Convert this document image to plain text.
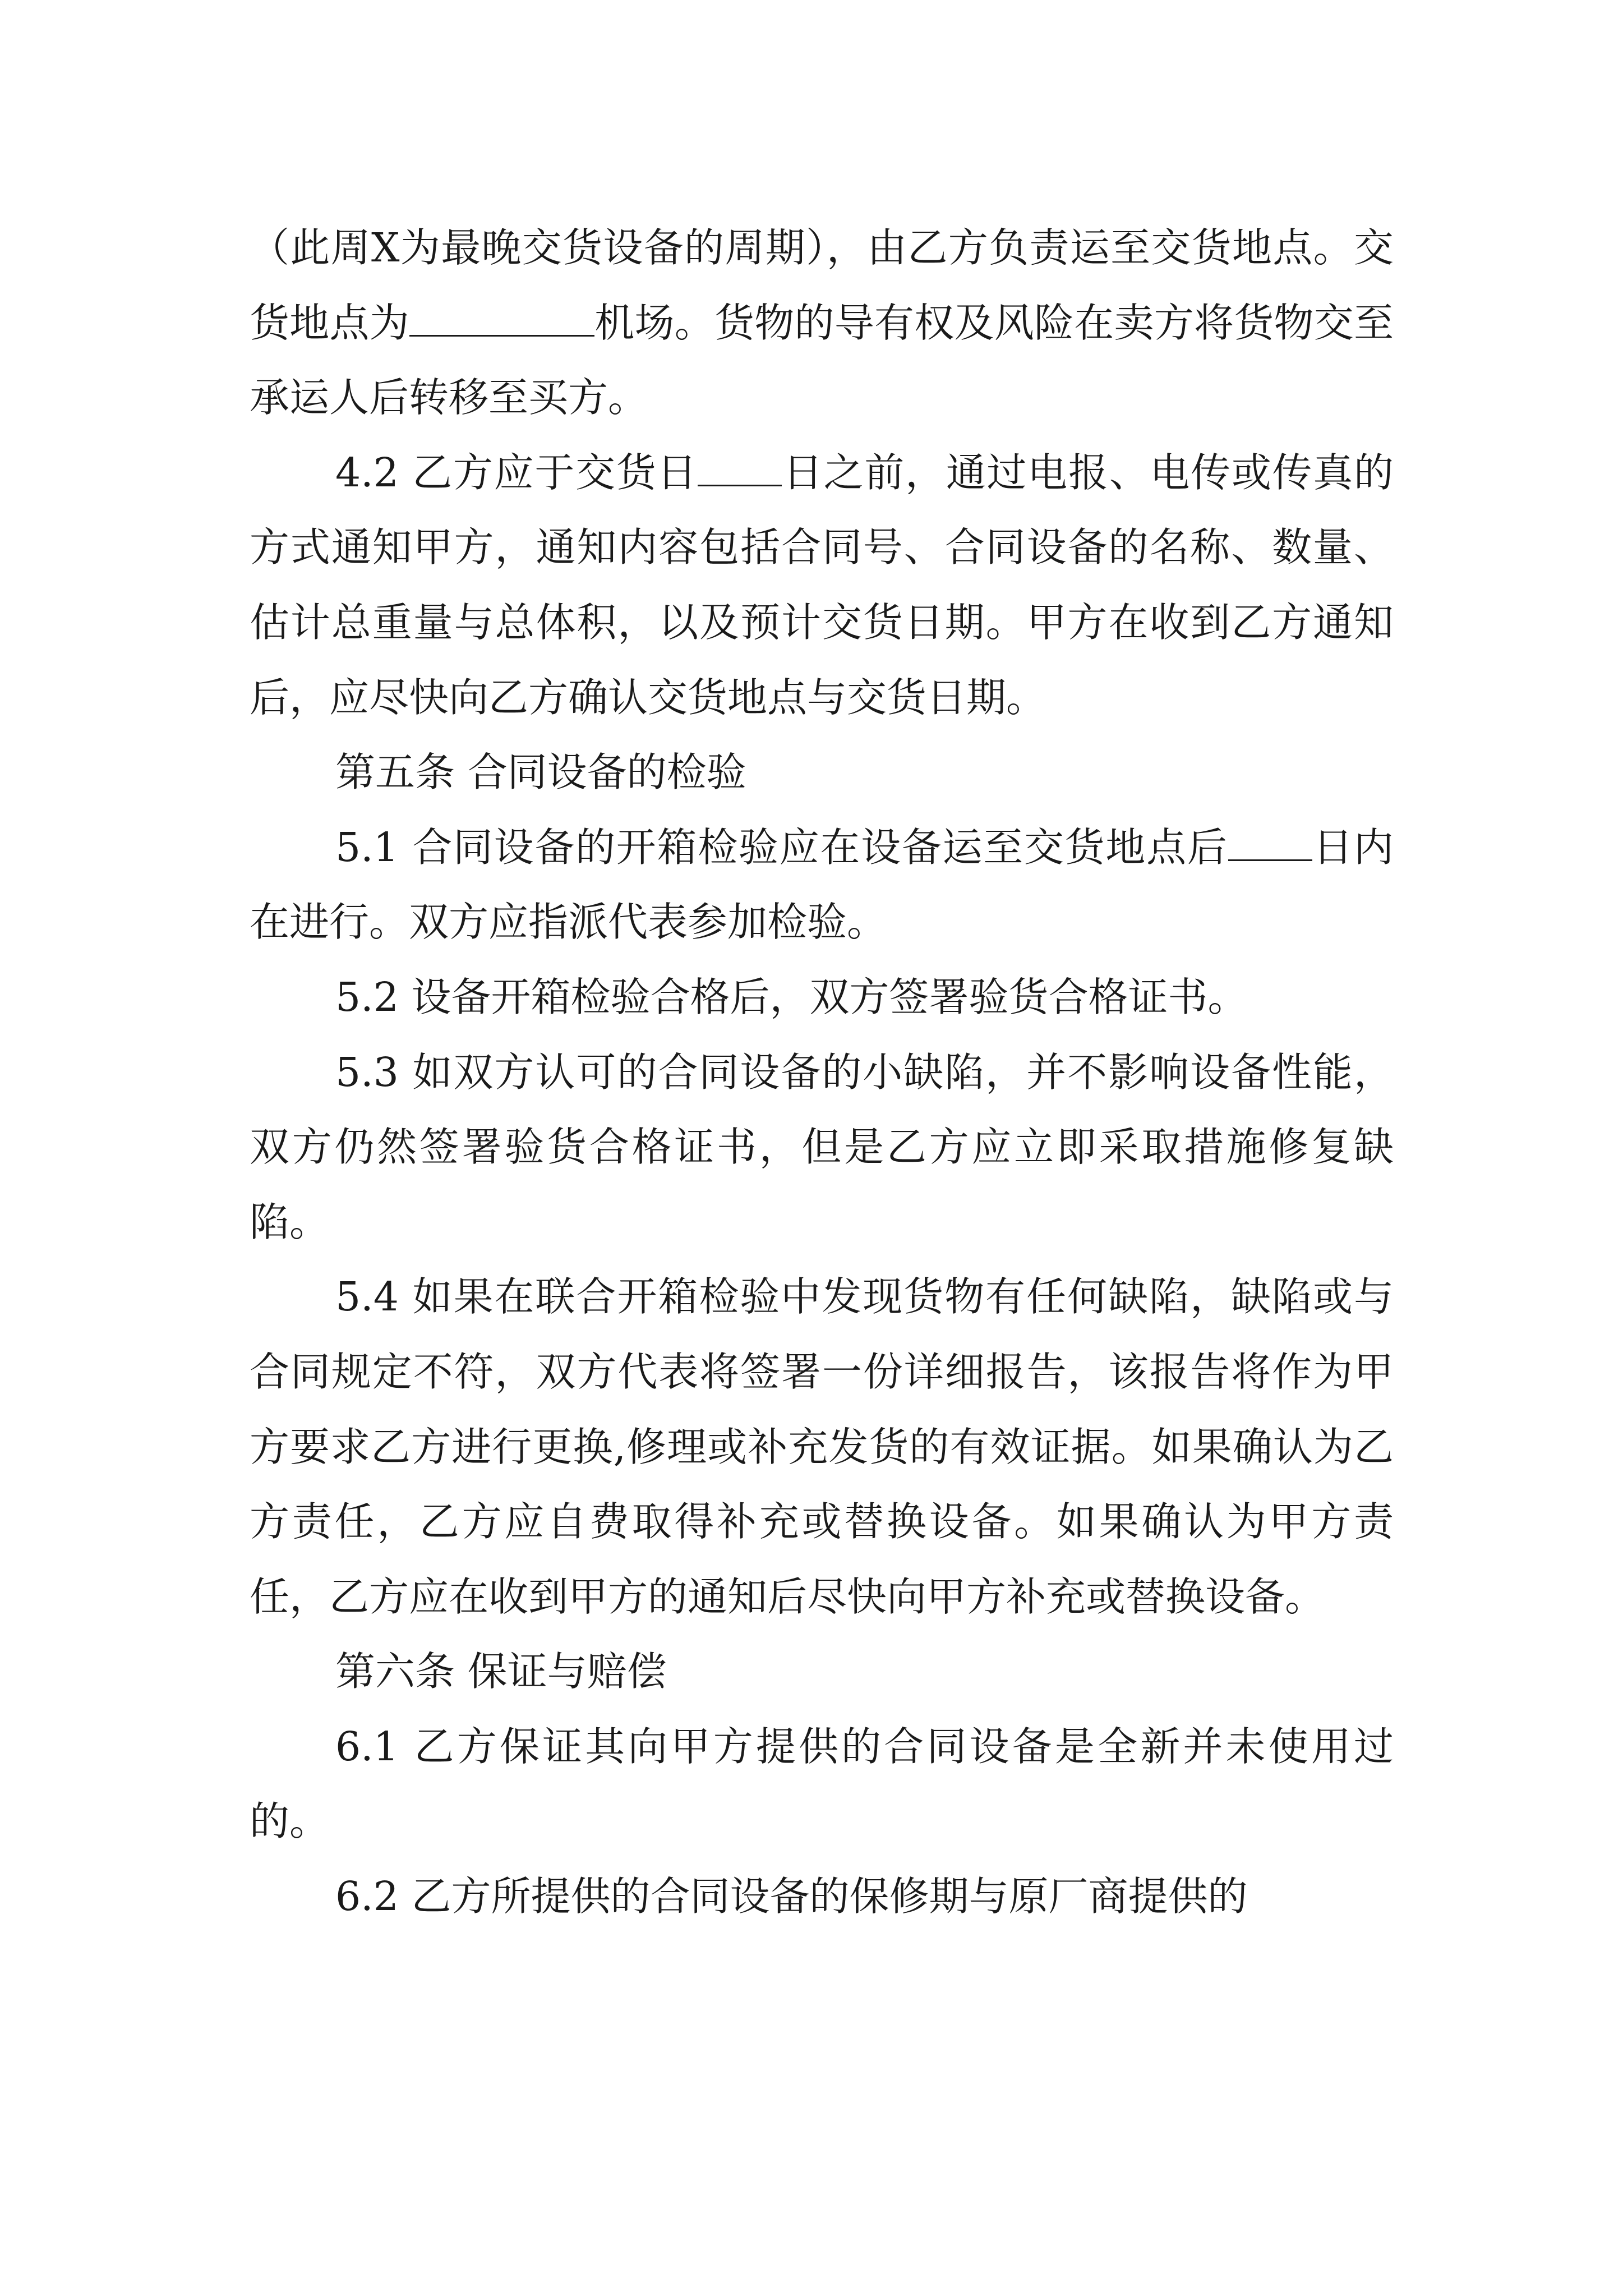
（此周X为最晚交货设备的周期），由乙方负责运至交货地点。交货地点为	机场。货物的导有权及风险在卖方将货物交至承运人后转移至买方。

4.2 乙方应于交货日 日之前，通过电报、电传或传真的方式通知甲方，通知内容包括合同号、合同设备的名称、数量、估计总重量与总体积，以及预计交货日期。甲方在收到乙方通知后，应尽快向乙方确认交货地点与交货日期。

第五条 合同设备的检验

5.1 合同设备的开箱检验应在设备运至交货地点后 日内在进行。双方应指派代表参加检验。

5.2 设备开箱检验合格后，双方签署验货合格证书。

5.3 如双方认可的合同设备的小缺陷，并不影响设备性能，双方仍然签署验货合格证书，但是乙方应立即采取措施修复缺陷。

5.4 如果在联合开箱检验中发现货物有任何缺陷，缺陷或与合同规定不符，双方代表将签署一份详细报告，该报告将作为甲方要求乙方进行更换,修理或补充发货的有效证据。如果确认为乙方责任，乙方应自费取得补充或替换设备。如果确认为甲方责任，乙方应在收到甲方的通知后尽快向甲方补充或替换设备。

第六条 保证与赔偿

6.1 乙方保证其向甲方提供的合同设备是全新并未使用过的。

6.2 乙方所提供的合同设备的保修期与原厂商提供的
